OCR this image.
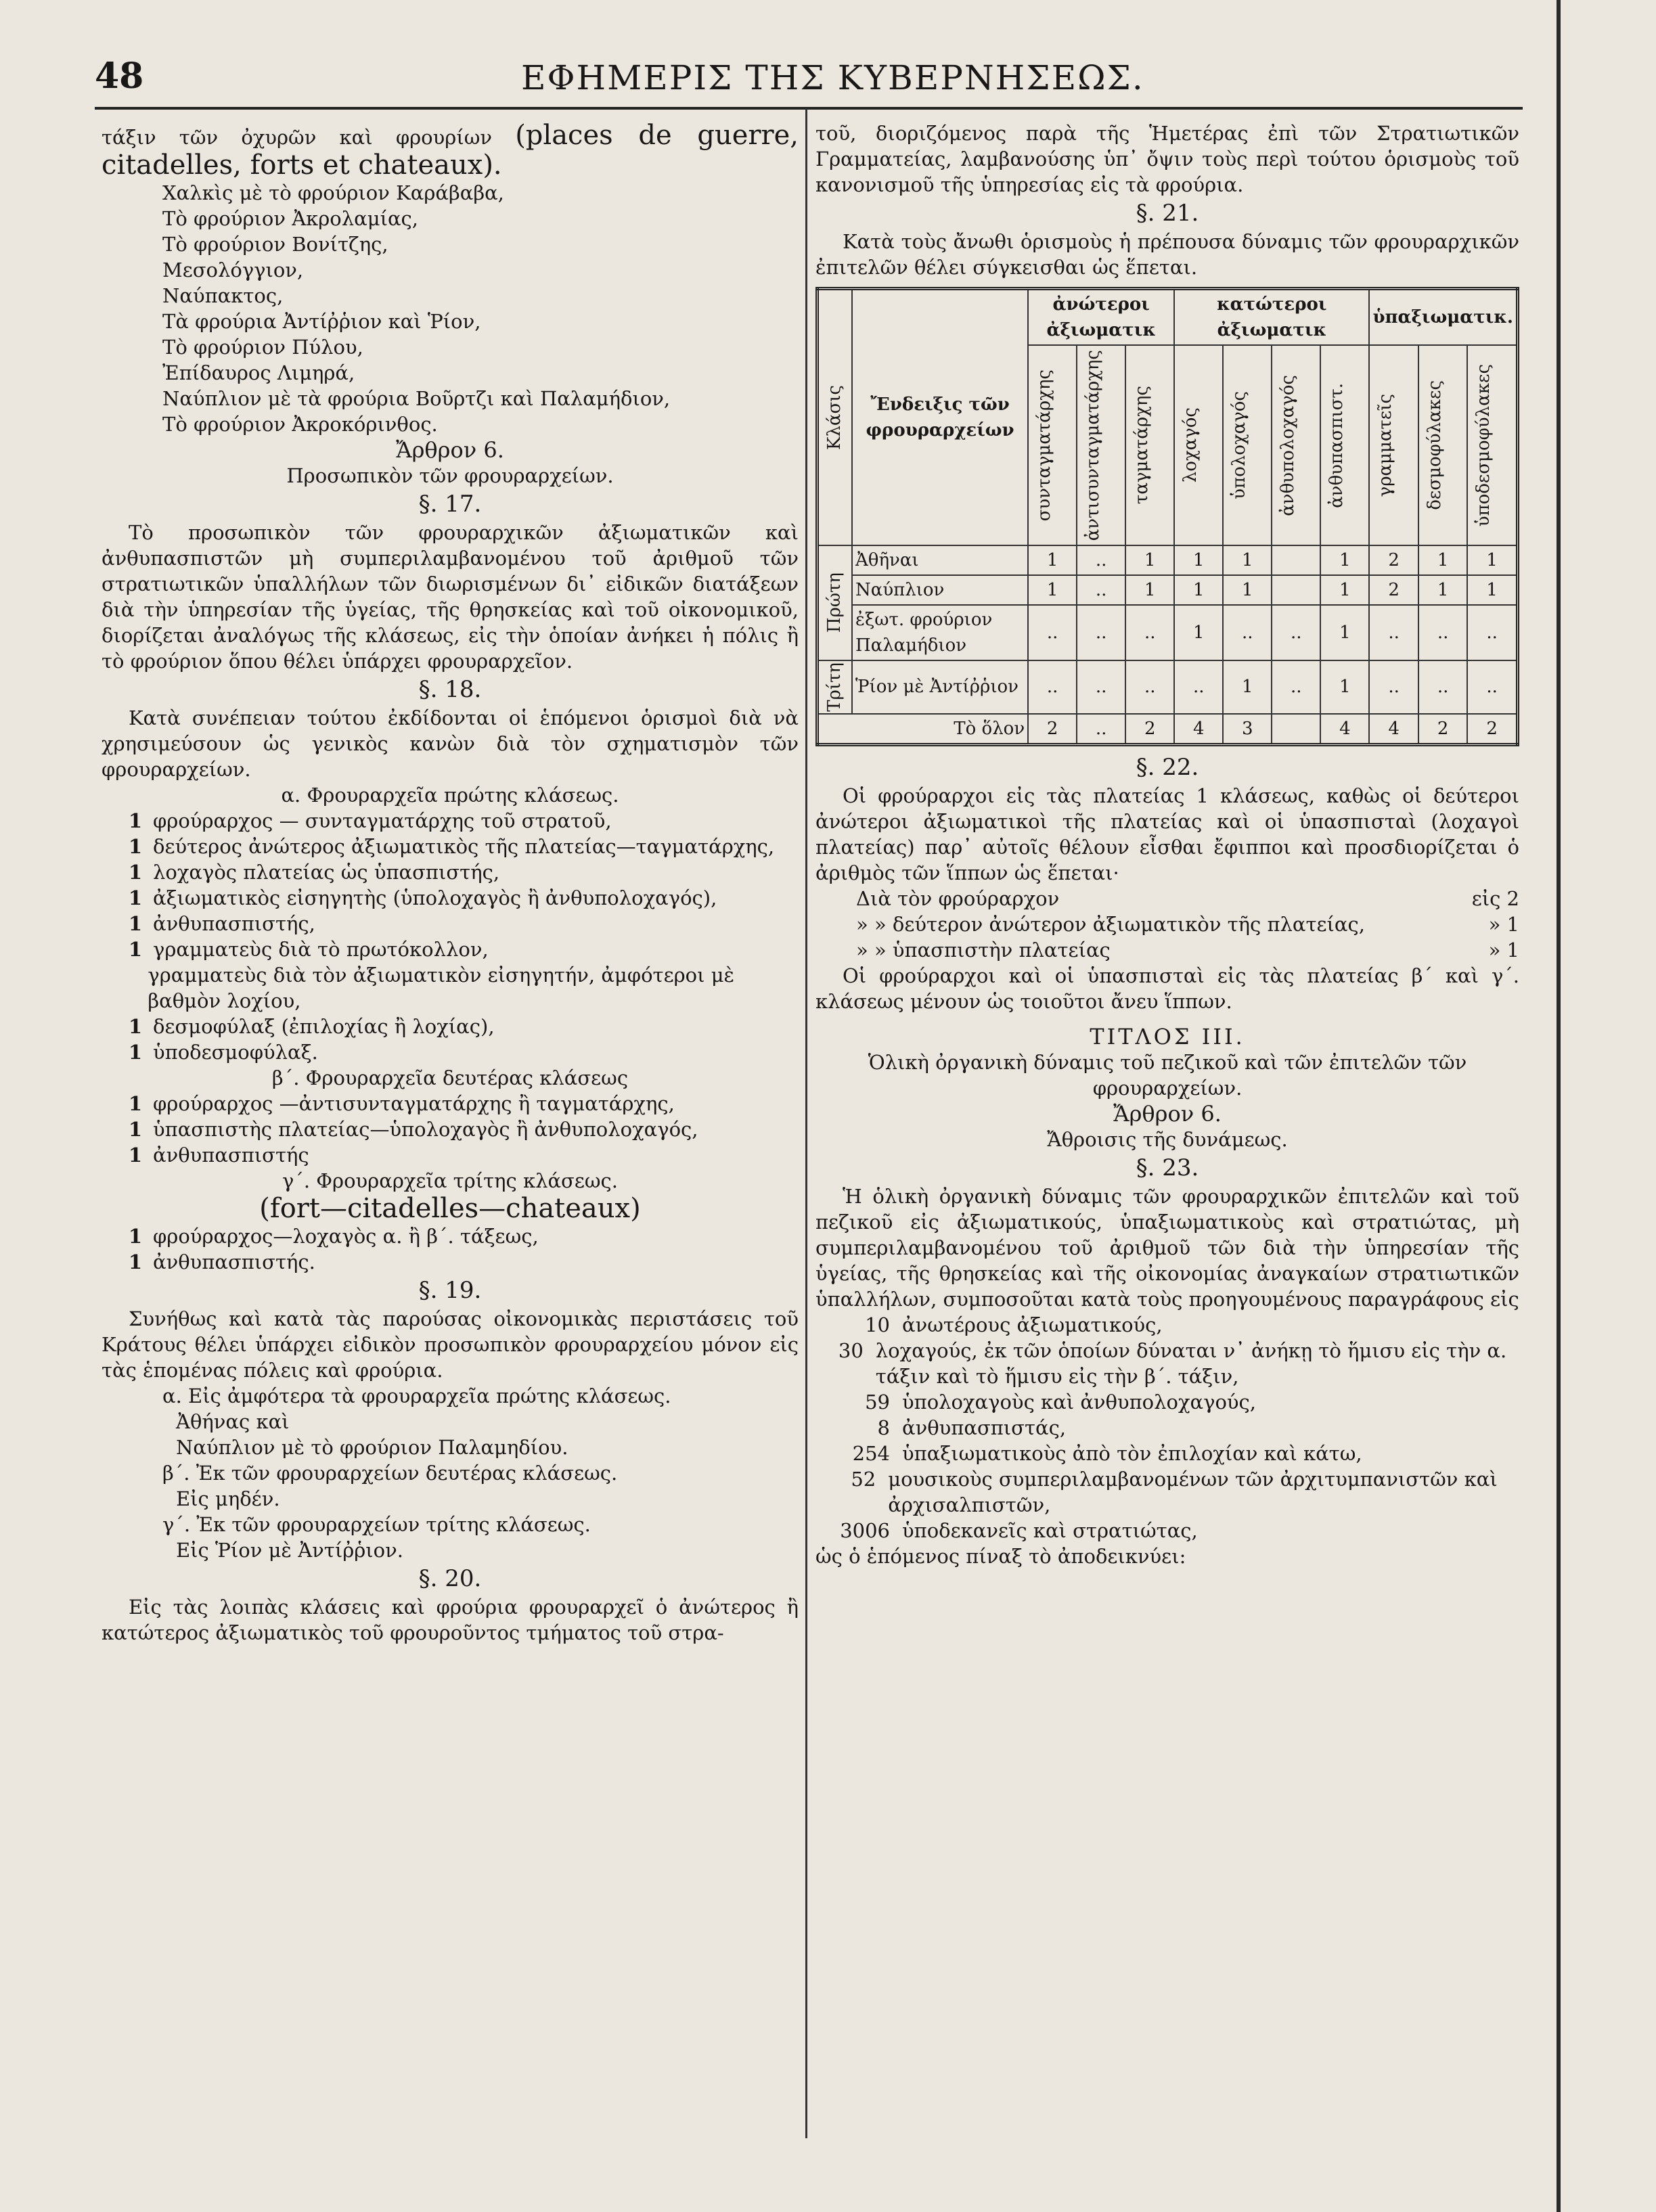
48	ΕΦΗΜΕΡΙΣ ΤΗΣ ΚΥΒΕΡΝΗΣΕΩΣ.

τάξιν τῶν ὀχυρῶν καὶ φρουρίων (places de guerre, citadelles, forts et chateaux).

Χαλκὶς μὲ τὸ φρούριον Καράβαβα,
Τὸ φρούριον Ἀκρολαμίας,
Τὸ φρούριον Βονίτζης,
Μεσολόγγιον,
Ναύπακτος,
Τὰ φρούρια Ἀντίῤῥιον καὶ Ῥίον,
Τὸ φρούριον Πύλου,
Ἐπίδαυρος Λιμηρά,
Ναύπλιον μὲ τὰ φρούρια Βοῦρτζι καὶ Παλαμήδιον,
Τὸ φρούριον Ἀκροκόρινθος.
Ἄρθρον 6.
Προσωπικὸν τῶν φρουραρχείων.
§. 17.

Τὸ προσωπικὸν τῶν φρουραρχικῶν ἀξιωματικῶν καὶ ἀνθυπασπιστῶν μὴ συμπεριλαμβανομένου τοῦ ἀριθμοῦ τῶν στρατιωτικῶν ὑπαλλήλων τῶν διωρισμένων δι᾽ εἰδικῶν διατάξεων διὰ τὴν ὑπηρεσίαν τῆς ὑγείας, τῆς θρησκείας καὶ τοῦ οἰκονομικοῦ, διορίζεται ἀναλόγως τῆς κλάσεως, εἰς τὴν ὁποίαν ἀνήκει ἡ πόλις ἢ τὸ φρούριον ὅπου θέλει ὑπάρχει φρουραρχεῖον.

§. 18.

Κατὰ συνέπειαν τούτου ἐκδίδονται οἱ ἑπόμενοι ὁρισμοὶ διὰ νὰ χρησιμεύσουν ὡς γενικὸς κανὼν διὰ τὸν σχηματισμὸν τῶν φρουραρχείων.

α. Φρουραρχεῖα πρώτης κλάσεως.
1 φρούραρχος — συνταγματάρχης τοῦ στρατοῦ,
1 δεύτερος ἀνώτερος ἀξιωματικὸς τῆς πλατείας—ταγματάρχης,
1 λοχαγὸς πλατείας ὡς ὑπασπιστής,
1 ἀξιωματικὸς εἰσηγητὴς (ὑπολοχαγὸς ἢ ἀνθυπολοχαγός),
1 ἀνθυπασπιστής,
1 γραμματεὺς διὰ τὸ πρωτόκολλον,
γραμματεὺς διὰ τὸν ἀξιωματικὸν εἰσηγητήν, ἀμφότεροι μὲ βαθμὸν λοχίου,
1 δεσμοφύλαξ (ἐπιλοχίας ἢ λοχίας),
1 ὑποδεσμοφύλαξ.
β΄. Φρουραρχεῖα δευτέρας κλάσεως
1 φρούραρχος —ἀντισυνταγματάρχης ἢ ταγματάρχης,
1 ὑπασπιστὴς πλατείας—ὑπολοχαγὸς ἢ ἀνθυπολοχαγός,
1 ἀνθυπασπιστής
γ΄. Φρουραρχεῖα τρίτης κλάσεως.
(fort—citadelles—chateaux)
1 φρούραρχος—λοχαγὸς α. ἢ β΄. τάξεως,
1 ἀνθυπασπιστής.
§. 19.

Συνήθως καὶ κατὰ τὰς παρούσας οἰκονομικὰς περιστάσεις τοῦ Κράτους θέλει ὑπάρχει εἰδικὸν προσωπικὸν φρουραρχείου μόνον εἰς τὰς ἑπομένας πόλεις καὶ φρούρια.

α. Εἰς ἀμφότερα τὰ φρουραρχεῖα πρώτης κλάσεως.
Ἀθήνας καὶ
Ναύπλιον μὲ τὸ φρούριον Παλαμηδίου.
β΄. Ἐκ τῶν φρουραρχείων δευτέρας κλάσεως.
Εἰς μηδέν.
γ΄. Ἐκ τῶν φρουραρχείων τρίτης κλάσεως.
Εἰς Ῥίον μὲ Ἀντίῤῥιον.
§. 20.

Εἰς τὰς λοιπὰς κλάσεις καὶ φρούρια φρουραρχεῖ ὁ ἀνώτερος ἢ κατώτερος ἀξιωματικὸς τοῦ φρουροῦντος τμήματος τοῦ στρα-

τοῦ, διοριζόμενος παρὰ τῆς Ἡμετέρας ἐπὶ τῶν Στρατιωτικῶν Γραμματείας, λαμβανούσης ὑπ᾽ ὄψιν τοὺς περὶ τούτου ὁρισμοὺς τοῦ κανονισμοῦ τῆς ὑπηρεσίας εἰς τὰ φρούρια.

§. 21.

Κατὰ τοὺς ἄνωθι ὁρισμοὺς ἡ πρέπουσα δύναμις τῶν φρουραρχικῶν ἐπιτελῶν θέλει σύγκεισθαι ὡς ἕπεται.

Κλάσις	Ἔνδειξις τῶν φρουραρχείων	ἀνώτεροι ἀξιωματικ			κατώτεροι ἀξιωματικ				ὑπαξιωματικ.		

		συνταγματάρχης	ἀντισυνταγματάρχης	ταγματάρχης	λοχαγός	ὑπολοχαγός	ἀνθυπολοχαγός	ἀνθυπασπιστ.	γραμματεῖς	δεσμοφύλακες	ὑποδεσμοφύλακες

Πρώτη	Ἀθῆναι	1	..	1	1	1		1	2	1	1
	Ναύπλιον	1	..	1	1	1		1	2	1	1
	ἐξωτ. φρούριον Παλαμήδιον	..	..	..	1	..	..	1	..	..	..

Τρίτη	Ῥίον μὲ Ἀντίῤῥιον	..	..	..	..	1	..	1	..	..	..
Τὸ ὅλον		2	..	2	4	3		4	4	2	2
§. 22.

Οἱ φρούραρχοι εἰς τὰς πλατείας 1 κλάσεως, καθὼς οἱ δεύτεροι ἀνώτεροι ἀξιωματικοὶ τῆς πλατείας καὶ οἱ ὑπασπισταὶ (λοχαγοὶ πλατείας) παρ᾽ αὐτοῖς θέλουν εἶσθαι ἔφιπποι καὶ προσδιορίζεται ὁ ἀριθμὸς τῶν ἵππων ὡς ἕπεται·

Διὰ τὸν φρούραρχον	εἰς 2
» » δεύτερον ἀνώτερον ἀξιωματικὸν τῆς πλατείας,	» 1
» » ὑπασπιστὴν πλατείας	» 1

Οἱ φρούραρχοι καὶ οἱ ὑπασπισταὶ εἰς τὰς πλατείας β΄ καὶ γ΄. κλάσεως μένουν ὡς τοιοῦτοι ἄνευ ἵππων.

ΤΙΤΛΟΣ III.
Ὁλικὴ ὀργανικὴ δύναμις τοῦ πεζικοῦ καὶ τῶν ἐπιτελῶν τῶν φρουραρχείων.
Ἄρθρον 6.
Ἄθροισις τῆς δυνάμεως.
§. 23.

Ἡ ὁλικὴ ὀργανικὴ δύναμις τῶν φρουραρχικῶν ἐπιτελῶν καὶ τοῦ πεζικοῦ εἰς ἀξιωματικούς, ὑπαξιωματικοὺς καὶ στρατιώτας, μὴ συμπεριλαμβανομένου τοῦ ἀριθμοῦ τῶν διὰ τὴν ὑπηρεσίαν τῆς ὑγείας, τῆς θρησκείας καὶ τῆς οἰκονομίας ἀναγκαίων στρατιωτικῶν ὑπαλλήλων, συμποσοῦται κατὰ τοὺς προηγουμένους παραγράφους εἰς

10 ἀνωτέρους ἀξιωματικούς,
30 λοχαγούς, ἐκ τῶν ὁποίων δύναται ν᾽ ἀνήκῃ τὸ ἥμισυ εἰς τὴν α. τάξιν καὶ τὸ ἥμισυ εἰς τὴν β΄. τάξιν,
59 ὑπολοχαγοὺς καὶ ἀνθυπολοχαγούς,
8 ἀνθυπασπιστάς,
254 ὑπαξιωματικοὺς ἀπὸ τὸν ἐπιλοχίαν καὶ κάτω,
52 μουσικοὺς συμπεριλαμβανομένων τῶν ἀρχιτυμπανιστῶν καὶ ἀρχισαλπιστῶν,
3006 ὑποδεκανεῖς καὶ στρατιώτας,

ὡς ὁ ἑπόμενος πίναξ τὸ ἀποδεικνύει:
